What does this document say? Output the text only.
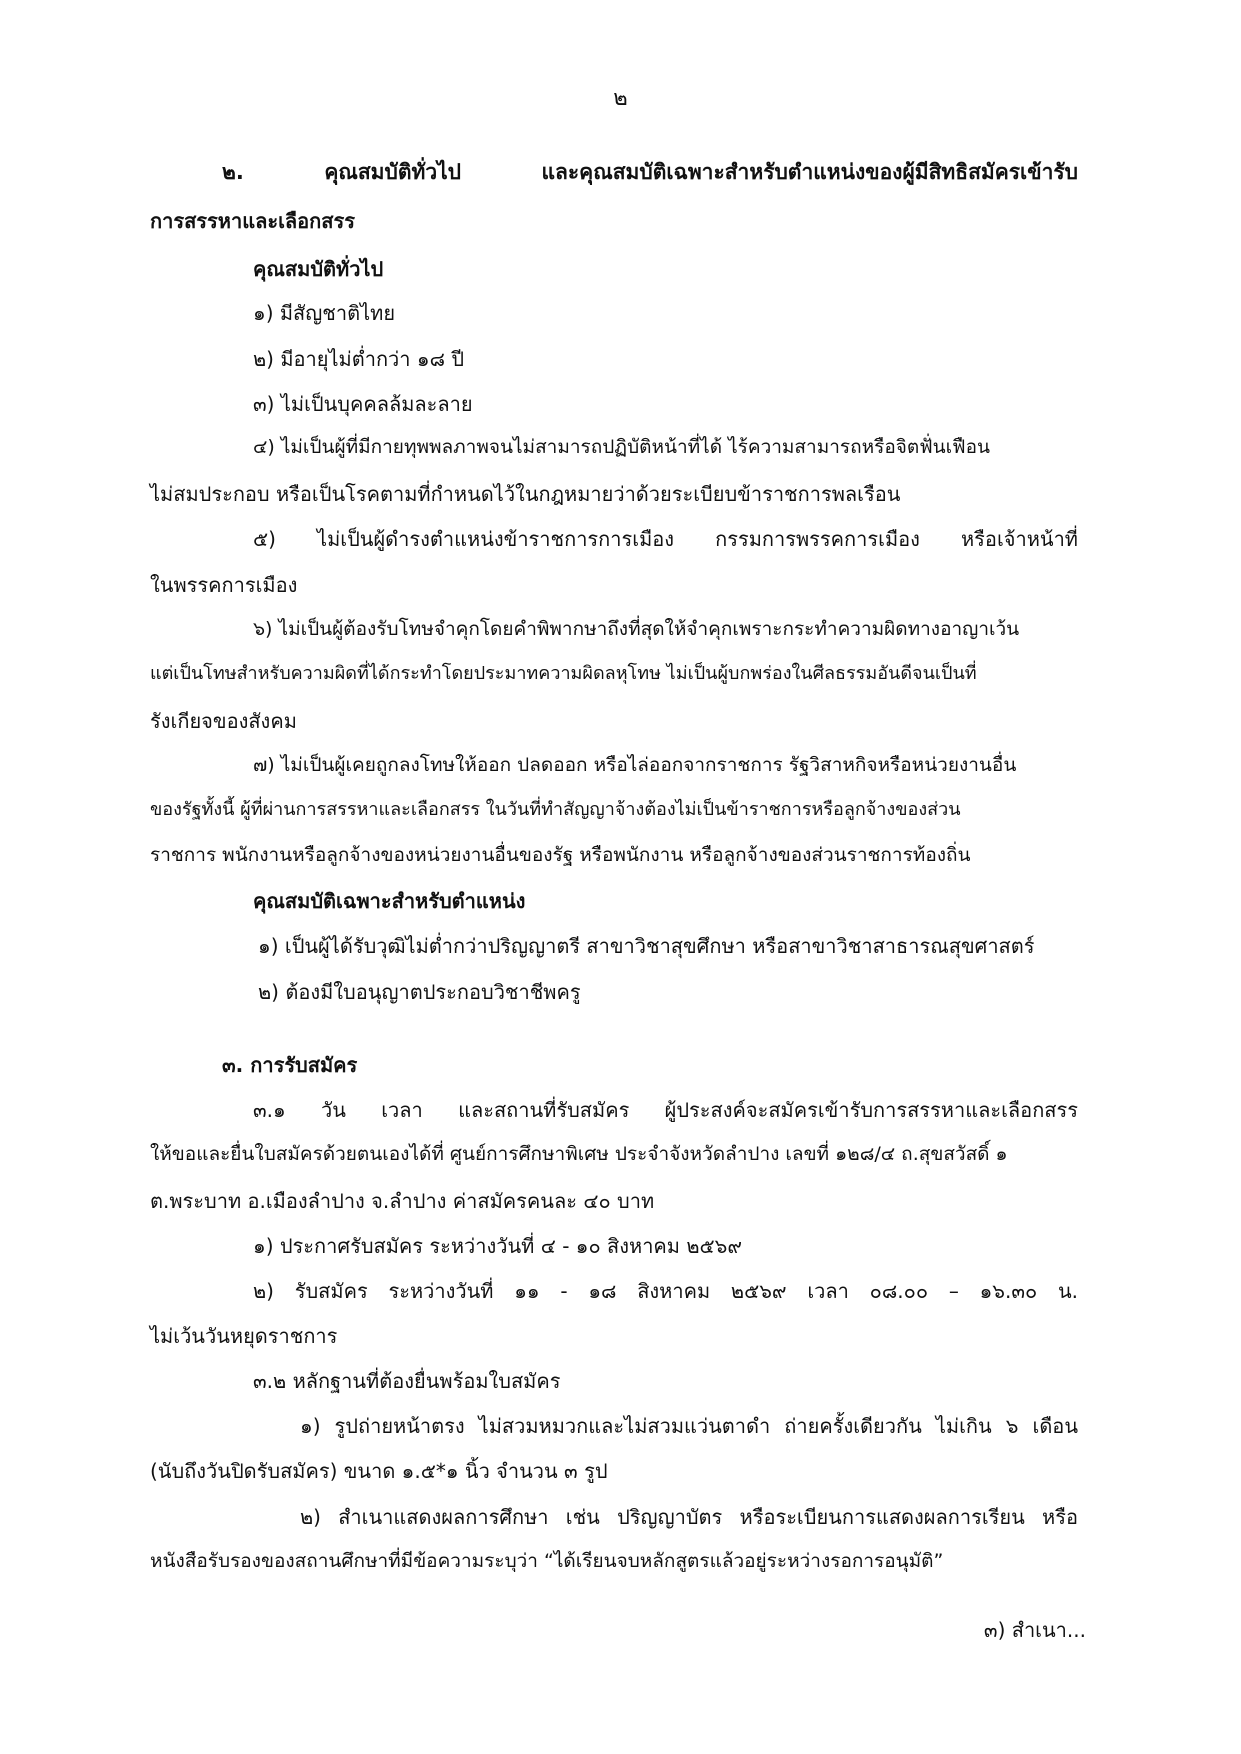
๒
๒. คุณสมบัติทั่วไป และคุณสมบัติเฉพาะสำหรับตำแหน่งของผู้มีสิทธิสมัครเข้ารับ
การสรรหาและเลือกสรร
คุณสมบัติทั่วไป
๑) มีสัญชาติไทย
๒) มีอายุไม่ต่ำกว่า ๑๘ ปี
๓) ไม่เป็นบุคคลล้มละลาย
๔) ไม่เป็นผู้ที่มีกายทุพพลภาพจนไม่สามารถปฏิบัติหน้าที่ได้ ไร้ความสามารถหรือจิตฟั่นเฟือน
ไม่สมประกอบ หรือเป็นโรคตามที่กำหนดไว้ในกฎหมายว่าด้วยระเบียบข้าราชการพลเรือน
๕) ไม่เป็นผู้ดำรงตำแหน่งข้าราชการการเมือง กรรมการพรรคการเมือง หรือเจ้าหน้าที่
ในพรรคการเมือง
๖) ไม่เป็นผู้ต้องรับโทษจำคุกโดยคำพิพากษาถึงที่สุดให้จำคุกเพราะกระทำความผิดทางอาญาเว้น
แต่เป็นโทษสำหรับความผิดที่ได้กระทำโดยประมาทความผิดลหุโทษ ไม่เป็นผู้บกพร่องในศีลธรรมอันดีจนเป็นที่
รังเกียจของสังคม
๗) ไม่เป็นผู้เคยถูกลงโทษให้ออก ปลดออก หรือไล่ออกจากราชการ รัฐวิสาหกิจหรือหน่วยงานอื่น
ของรัฐทั้งนี้ ผู้ที่ผ่านการสรรหาและเลือกสรร ในวันที่ทำสัญญาจ้างต้องไม่เป็นข้าราชการหรือลูกจ้างของส่วน
ราชการ พนักงานหรือลูกจ้างของหน่วยงานอื่นของรัฐ หรือพนักงาน หรือลูกจ้างของส่วนราชการท้องถิ่น
คุณสมบัติเฉพาะสำหรับตำแหน่ง
๑) เป็นผู้ได้รับวุฒิไม่ต่ำกว่าปริญญาตรี สาขาวิชาสุขศึกษา หรือสาขาวิชาสาธารณสุขศาสตร์
๒) ต้องมีใบอนุญาตประกอบวิชาชีพครู
๓. การรับสมัคร
๓.๑ วัน เวลา และสถานที่รับสมัคร ผู้ประสงค์จะสมัครเข้ารับการสรรหาและเลือกสรร
ให้ขอและยื่นใบสมัครด้วยตนเองได้ที่ ศูนย์การศึกษาพิเศษ ประจำจังหวัดลำปาง เลขที่ ๑๒๘/๔ ถ.สุขสวัสดิ์ ๑
ต.พระบาท อ.เมืองลำปาง จ.ลำปาง ค่าสมัครคนละ ๔๐ บาท
๑) ประกาศรับสมัคร ระหว่างวันที่ ๔ - ๑๐ สิงหาคม ๒๕๖๙
๒) รับสมัคร ระหว่างวันที่ ๑๑ - ๑๘ สิงหาคม ๒๕๖๙ เวลา ๐๘.๐๐ – ๑๖.๓๐ น.
ไม่เว้นวันหยุดราชการ
๓.๒ หลักฐานที่ต้องยื่นพร้อมใบสมัคร
๑) รูปถ่ายหน้าตรง ไม่สวมหมวกและไม่สวมแว่นตาดำ ถ่ายครั้งเดียวกัน ไม่เกิน ๖ เดือน
(นับถึงวันปิดรับสมัคร) ขนาด ๑.๕*๑ นิ้ว จำนวน ๓ รูป
๒) สำเนาแสดงผลการศึกษา เช่น ปริญญาบัตร หรือระเบียนการแสดงผลการเรียน หรือ
หนังสือรับรองของสถานศึกษาที่มีข้อความระบุว่า “ได้เรียนจบหลักสูตรแล้วอยู่ระหว่างรอการอนุมัติ”
๓) สำเนา...
